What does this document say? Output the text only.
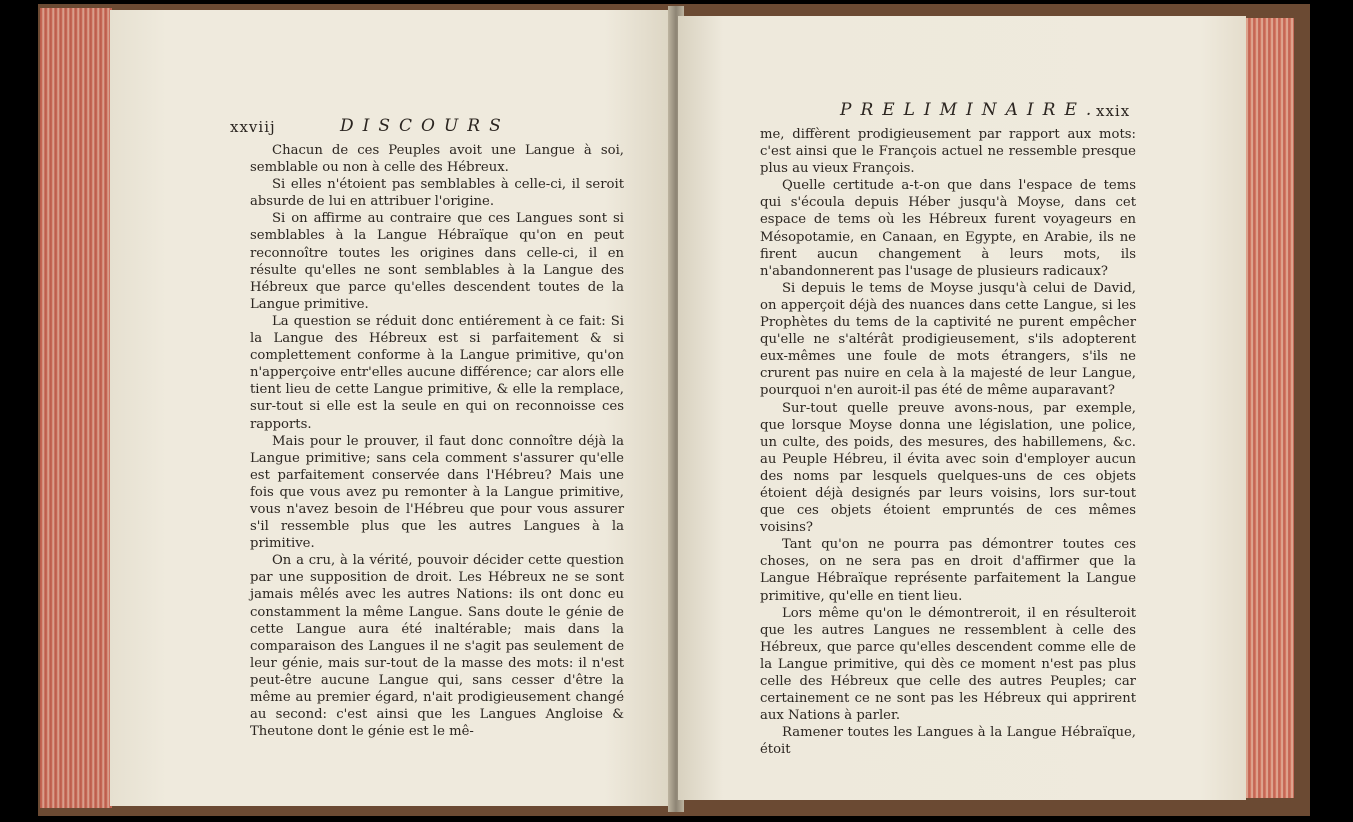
xxviij	DISCOURS

Chacun de ces Peuples avoit une Langue à soi, semblable ou non à celle des Hébreux.

Si elles n'étoient pas semblables à celle-ci, il seroit absurde de lui en attribuer l'origine.

Si on affirme au contraire que ces Langues sont si semblables à la Langue Hébraïque qu'on en peut reconnoître toutes les origines dans celle-ci, il en résulte qu'elles ne sont semblables à la Langue des Hébreux que parce qu'elles descendent toutes de la Langue primitive.

La question se réduit donc entiérement à ce fait: Si la Langue des Hébreux est si parfaitement & si complettement conforme à la Langue primitive, qu'on n'apperçoive entr'elles aucune différence; car alors elle tient lieu de cette Langue primitive, & elle la remplace, sur-tout si elle est la seule en qui on reconnoisse ces rapports.

Mais pour le prouver, il faut donc connoître déjà la Langue primitive; sans cela comment s'assurer qu'elle est parfaitement conservée dans l'Hébreu? Mais une fois que vous avez pu remonter à la Langue primitive, vous n'avez besoin de l'Hébreu que pour vous assurer s'il ressemble plus que les autres Langues à la primitive.

On a cru, à la vérité, pouvoir décider cette question par une supposition de droit. Les Hébreux ne se sont jamais mêlés avec les autres Nations: ils ont donc eu constamment la même Langue. Sans doute le génie de cette Langue aura été inaltérable; mais dans la comparaison des Langues il ne s'agit pas seulement de leur génie, mais sur-tout de la masse des mots: il n'est peut-être aucune Langue qui, sans cesser d'être la même au premier égard, n'ait prodigieusement changé au second: c'est ainsi que les Langues Angloise & Theutone dont le génie est le mê-

PRELIMINAIRE.
xxix

me, diffèrent prodigieusement par rapport aux mots: c'est ainsi que le François actuel ne ressemble presque plus au vieux François.

Quelle certitude a-t-on que dans l'espace de tems qui s'écoula depuis Héber jusqu'à Moyse, dans cet espace de tems où les Hébreux furent voyageurs en Mésopotamie, en Canaan, en Egypte, en Arabie, ils ne firent aucun changement à leurs mots, ils n'abandonnerent pas l'usage de plusieurs radicaux?

Si depuis le tems de Moyse jusqu'à celui de David, on apperçoit déjà des nuances dans cette Langue, si les Prophètes du tems de la captivité ne purent empêcher qu'elle ne s'altérât prodigieusement, s'ils adopterent eux-mêmes une foule de mots étrangers, s'ils ne crurent pas nuire en cela à la majesté de leur Langue, pourquoi n'en auroit-il pas été de même auparavant?

Sur-tout quelle preuve avons-nous, par exemple, que lorsque Moyse donna une législation, une police, un culte, des poids, des mesures, des habillemens, &c. au Peuple Hébreu, il évita avec soin d'employer aucun des noms par lesquels quelques-uns de ces objets étoient déjà designés par leurs voisins, lors sur-tout que ces objets étoient empruntés de ces mêmes voisins?

Tant qu'on ne pourra pas démontrer toutes ces choses, on ne sera pas en droit d'affirmer que la Langue Hébraïque représente parfaitement la Langue primitive, qu'elle en tient lieu.

Lors même qu'on le démontreroit, il en résulteroit que les autres Langues ne ressemblent à celle des Hébreux, que parce qu'elles descendent comme elle de la Langue primitive, qui dès ce moment n'est pas plus celle des Hébreux que celle des autres Peuples; car certainement ce ne sont pas les Hébreux qui apprirent aux Nations à parler.

Ramener toutes les Langues à la Langue Hébraïque, étoit
